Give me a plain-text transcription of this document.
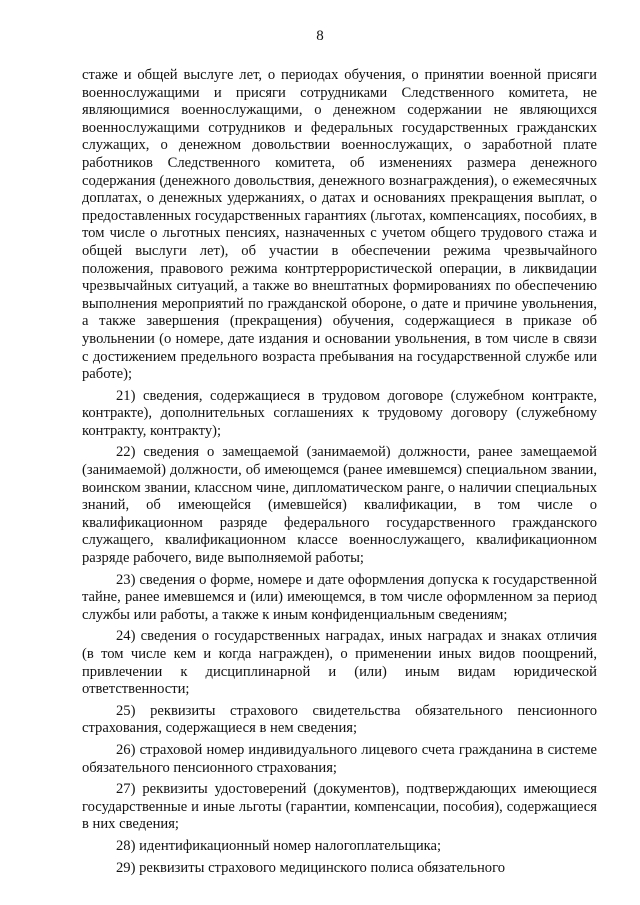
8

стаже и общей выслуге лет, о периодах обучения, о принятии военной присяги военнослужащими и присяги сотрудниками Следственного комитета, не являющимися военнослужащими, о денежном содержании не являющихся военнослужащими сотрудников и федеральных государственных гражданских служащих, о денежном довольствии военнослужащих, о заработной плате работников Следственного комитета, об изменениях размера денежного содержания (денежного довольствия, денежного вознаграждения), о ежемесячных доплатах, о денежных удержаниях, о датах и основаниях прекращения выплат, о предоставленных государственных гарантиях (льготах, компенсациях, пособиях, в том числе о льготных пенсиях, назначенных с учетом общего трудового стажа и общей выслуги лет), об участии в обеспечении режима чрезвычайного положения, правового режима контртеррористической операции, в ликвидации чрезвычайных ситуаций, а также во внештатных формированиях по обеспечению выполнения мероприятий по гражданской обороне, о дате и причине увольнения, а также завершения (прекращения) обучения, содержащиеся в приказе об увольнении (о номере, дате издания и основании увольнения, в том числе в связи с достижением предельного возраста пребывания на государственной службе или работе);

21) сведения, содержащиеся в трудовом договоре (служебном контракте, контракте), дополнительных соглашениях к трудовому договору (служебному контракту, контракту);

22) сведения о замещаемой (занимаемой) должности, ранее замещаемой (занимаемой) должности, об имеющемся (ранее имевшемся) специальном звании, воинском звании, классном чине, дипломатическом ранге, о наличии специальных знаний, об имеющейся (имевшейся) квалификации, в том числе о квалификационном разряде федерального государственного гражданского служащего, квалификационном классе военнослужащего, квалификационном разряде рабочего, виде выполняемой работы;

23) сведения о форме, номере и дате оформления допуска к государственной тайне, ранее имевшемся и (или) имеющемся, в том числе оформленном за период службы или работы, а также к иным конфиденциальным сведениям;

24) сведения о государственных наградах, иных наградах и знаках отличия (в том числе кем и когда награжден), о применении иных видов поощрений, привлечении к дисциплинарной и (или) иным видам юридической ответственности;

25) реквизиты страхового свидетельства обязательного пенсионного страхования, содержащиеся в нем сведения;

26) страховой номер индивидуального лицевого счета гражданина в системе обязательного пенсионного страхования;

27) реквизиты удостоверений (документов), подтверждающих имеющиеся государственные и иные льготы (гарантии, компенсации, пособия), содержащиеся в них сведения;

28) идентификационный номер налогоплательщика;

29) реквизиты страхового медицинского полиса обязательного
